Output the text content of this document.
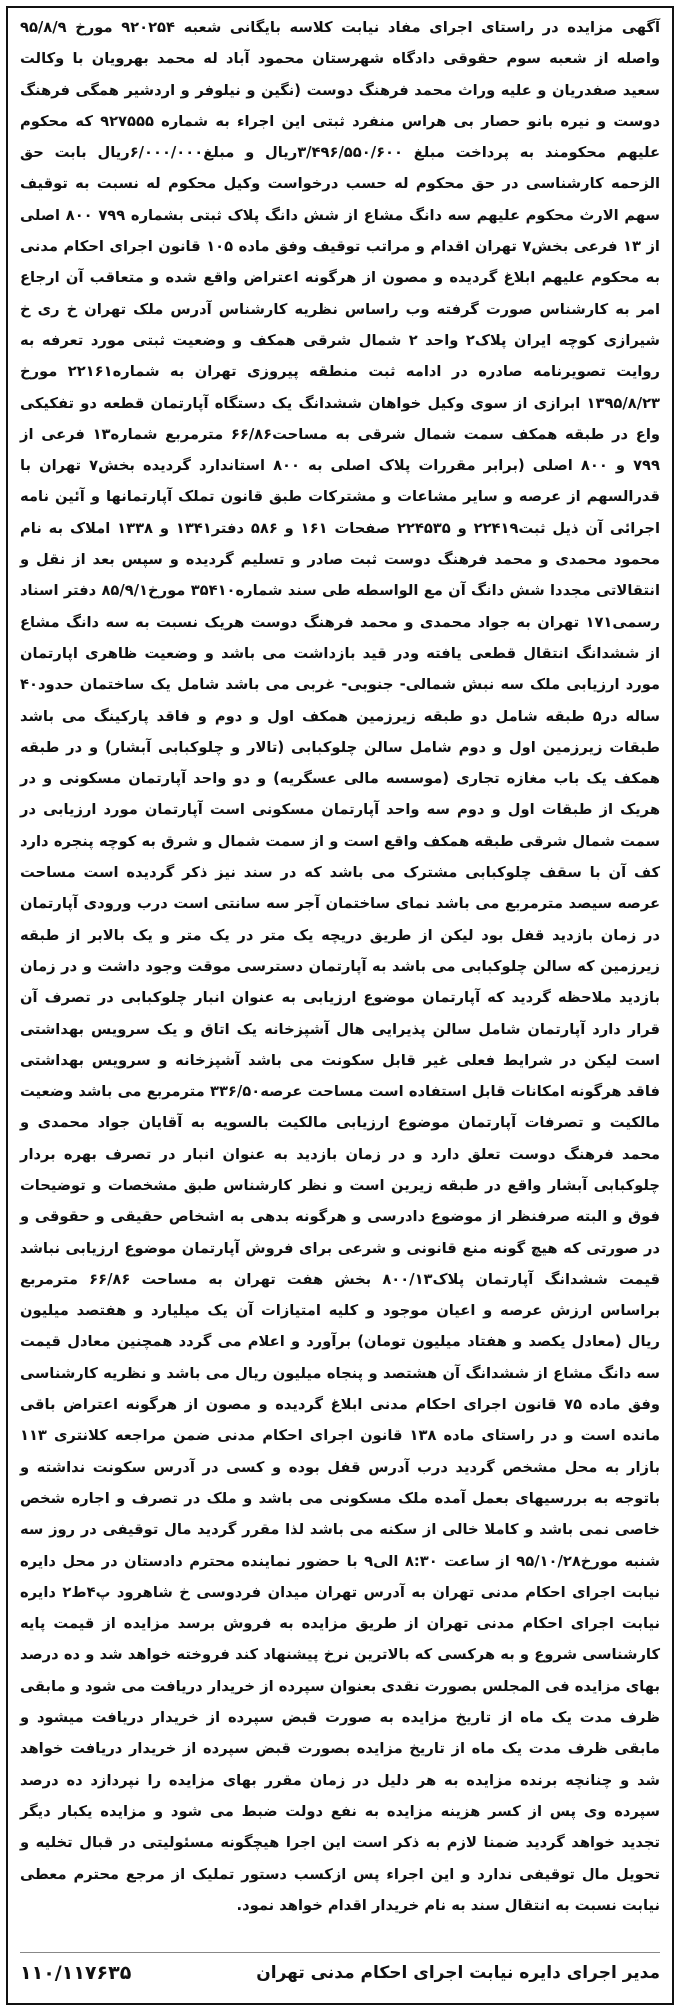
آگهی مزایده در راستای اجرای مفاد نیابت کلاسه بایگانی شعبه ۹۲۰۲۵۴ مورخ ۹۵/۸/۹ واصله از شعبه سوم حقوقی دادگاه شهرستان محمود آباد له محمد بهرویان با وکالت سعید صفدریان و علیه وراث محمد فرهنگ دوست (نگین و نیلوفر و اردشیر همگی فرهنگ دوست و نیره بانو حصار بی هراس منفرد ثبتی این اجراء به شماره ۹۲۷۵۵۵ که محکوم علیهم محکومند به پرداخت مبلغ ۳/۴۹۶/۵۵۰/۶۰۰ریال و مبلغ۶/۰۰۰/۰۰۰ریال بابت حق الزحمه کارشناسی در حق محکوم له حسب درخواست وکیل محکوم له نسبت به توقیف سهم الارث محکوم علیهم سه دانگ مشاع از شش دانگ پلاک ثبتی بشماره ۷۹۹ ۸۰۰ اصلی از ۱۳ فرعی بخش۷ تهران اقدام و مراتب توقیف وفق ماده ۱۰۵ قانون اجرای احکام مدنی به محکوم علیهم ابلاغ گردیده و مصون از هرگونه اعتراض واقع شده و متعاقب آن ارجاع امر به کارشناس صورت گرفته وب راساس نظریه کارشناس آدرس ملک تهران خ ری خ شیرازی کوچه ایران پلاک۲ واحد ۲ شمال شرقی همکف و وضعیت ثبتی مورد تعرفه به روایت تصویرنامه صادره در ادامه ثبت منطقه پیروزی تهران به شماره۲۲۱۶۱ مورخ ۱۳۹۵/۸/۲۳ ابرازی از سوی وکیل خواهان ششدانگ یک دستگاه آپارتمان قطعه دو تفکیکی واع در طبقه همکف سمت شمال شرقی به مساحت۶۶/۸۶ مترمربع شماره۱۳ فرعی از ۷۹۹ و ۸۰۰ اصلی (برابر مقررات پلاک اصلی به ۸۰۰ استاندارد گردیده بخش۷ تهران با قدرالسهم از عرصه و سایر مشاعات و مشترکات طبق قانون تملک آپارتمانها و آئین نامه اجرائی آن ذیل ثبت۲۲۴۱۹ و ۲۲۴۵۳۵ صفحات ۱۶۱ و ۵۸۶ دفتر۱۳۴۱ و ۱۳۳۸ املاک به نام محمود محمدی و محمد فرهنگ دوست ثبت صادر و تسلیم گردیده و سپس بعد از نقل و انتقالاتی مجددا شش دانگ آن مع الواسطه طی سند شماره۳۵۴۱۰ مورخ۸۵/۹/۱ دفتر اسناد رسمی۱۷۱ تهران به جواد محمدی و محمد فرهنگ دوست هریک نسبت به سه دانگ مشاع از ششدانگ انتقال قطعی یافته ودر قید بازداشت می باشد و وضعیت ظاهری اپارتمان مورد ارزیابی ملک سه نبش شمالی- جنوبی- غربی می باشد شامل یک ساختمان حدود۴۰ ساله در۵ طبقه شامل دو طبقه زیرزمین همکف اول و دوم و فاقد پارکینگ می باشد طبقات زیرزمین اول و دوم شامل سالن چلوکبابی (تالار و چلوکبابی آبشار) و در طبقه همکف یک باب مغازه تجاری (موسسه مالی عسگریه) و دو واحد آپارتمان مسکونی و در هریک از طبقات اول و دوم سه واحد آپارتمان مسکونی است آپارتمان مورد ارزیابی در سمت شمال شرقی طبقه همکف واقع است و از سمت شمال و شرق به کوچه پنجره دارد کف آن با سقف چلوکبابی مشترک می باشد که در سند نیز ذکر گردیده است مساحت عرصه سیصد مترمربع می باشد نمای ساختمان آجر سه سانتی است درب ورودی آپارتمان در زمان بازدید قفل بود لیکن از طریق دریچه یک متر در یک متر و یک بالابر از طبقه زیرزمین که سالن چلوکبابی می باشد به آپارتمان دسترسی موقت وجود داشت و در زمان بازدید ملاحظه گردید که آپارتمان موضوع ارزیابی به عنوان انبار چلوکبابی در تصرف آن قرار دارد آپارتمان شامل سالن پذیرایی هال آشپزخانه یک اتاق و یک سرویس بهداشتی است لیکن در شرایط فعلی غیر قابل سکونت می باشد آشپزخانه و سرویس بهداشتی فاقد هرگونه امکانات قابل استفاده است مساحت عرصه۳۳۶/۵۰ مترمربع می باشد وضعیت مالکیت و تصرفات آپارتمان موضوع ارزیابی مالکیت بالسویه به آقایان جواد محمدی و محمد فرهنگ دوست تعلق دارد و در زمان بازدید به عنوان انبار در تصرف بهره بردار چلوکبابی آبشار واقع در طبقه زیرین است و نظر کارشناس طبق مشخصات و توضیحات فوق و البته صرفنظر از موضوع دادرسی و هرگونه بدهی به اشخاص حقیقی و حقوقی و در صورتی که هیچ گونه منع قانونی و شرعی برای فروش آپارتمان موضوع ارزیابی نباشد قیمت ششدانگ آپارتمان پلاک۸۰۰/۱۳ بخش هفت تهران به مساحت ۶۶/۸۶ مترمربع براساس ارزش عرصه و اعیان موجود و کلیه امتیازات آن یک میلیارد و هفتصد میلیون ریال (معادل یکصد و هفتاد میلیون تومان) برآورد و اعلام می گردد همچنین معادل قیمت سه دانگ مشاع از ششدانگ آن هشتصد و پنجاه میلیون ریال می باشد و نظریه کارشناسی وفق ماده ۷۵ قانون اجرای احکام مدنی ابلاغ گردیده و مصون از هرگونه اعتراض باقی مانده است و در راستای ماده ۱۳۸ قانون اجرای احکام مدنی ضمن مراجعه کلانتری ۱۱۳ بازار به محل مشخص گردید درب آدرس قفل بوده و کسی در آدرس سکونت نداشته و باتوجه به بررسیهای بعمل آمده ملک مسکونی می باشد و ملک در تصرف و اجاره شخص خاصی نمی باشد و کاملا خالی از سکنه می باشد لذا مقرر گردید مال توقیفی در روز سه شنبه مورخ۹۵/۱۰/۲۸ از ساعت ۸:۳۰ الی۹ با حضور نماینده محترم دادستان در محل دایره نیابت اجرای احکام مدنی تهران به آدرس تهران میدان فردوسی خ شاهرود پ۴ط۲ دایره نیابت اجرای احکام مدنی تهران از طریق مزایده به فروش برسد مزایده از قیمت پایه کارشناسی شروع و به هرکسی که بالاترین نرخ پیشنهاد کند فروخته خواهد شد و ده درصد بهای مزایده فی المجلس بصورت نقدی بعنوان سپرده از خریدار دریافت می شود و مابقی ظرف مدت یک ماه از تاریخ مزایده به صورت قبض سپرده از خریدار دریافت میشود و مابقی ظرف مدت یک ماه از تاریخ مزایده بصورت قبض سپرده از خریدار دریافت خواهد شد و چنانچه برنده مزایده به هر دلیل در زمان مقرر بهای مزایده را نپردازد ده درصد سپرده وی پس از کسر هزینه مزایده به نفع دولت ضبط می شود و مزایده یکبار دیگر تجدید خواهد گردید ضمنا لازم به ذکر است این اجرا هیچگونه مسئولیتی در قبال تخلیه و تحویل مال توقیفی ندارد و این اجراء پس ازکسب دستور تملیک از مرجع محترم معطی نیابت نسبت به انتقال سند به نام خریدار اقدام خواهد نمود.

مدیر اجرای دایره نیابت اجرای احکام مدنی تهران
۱۱۰/۱۱۷۶۳۵
